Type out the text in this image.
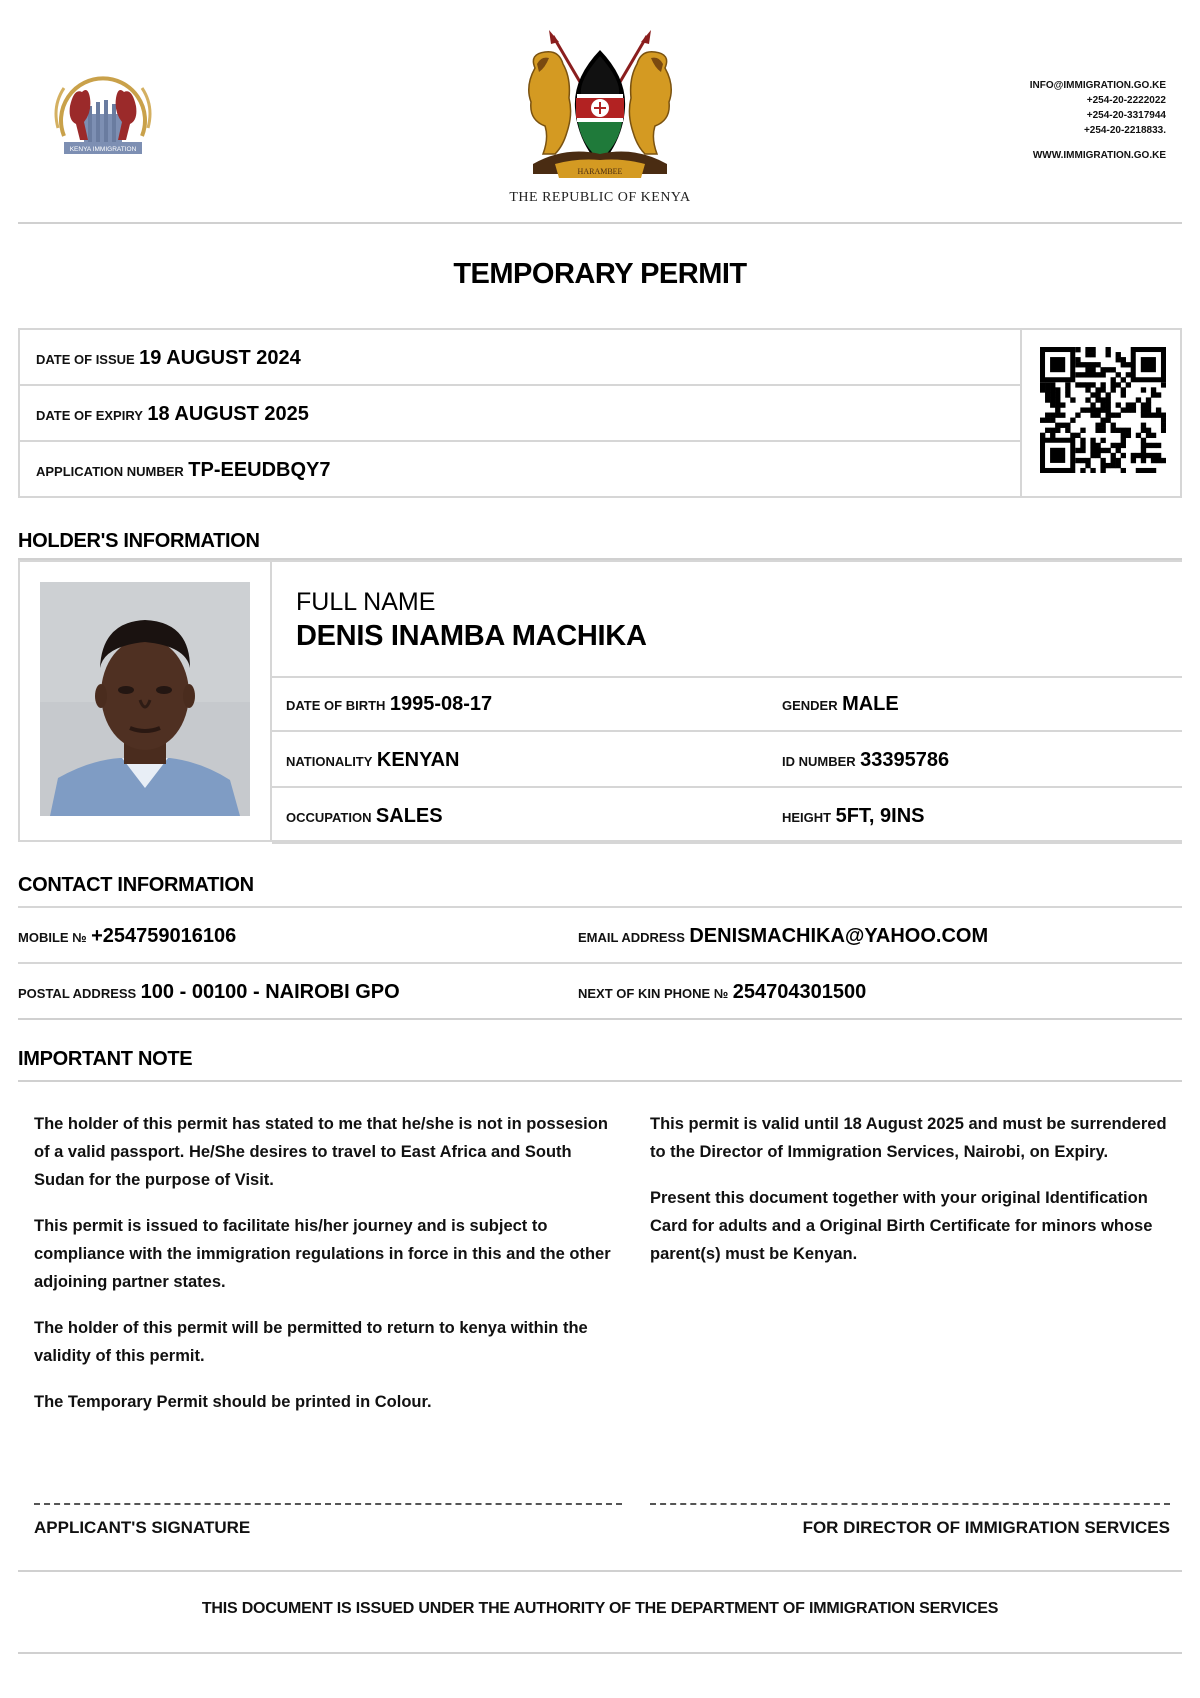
KENYA IMMIGRATION
HARAMBEE
THE REPUBLIC OF KENYA
INFO@IMMIGRATION.GO.KE
+254-20-2222022
+254-20-3317944
+254-20-2218833.
WWW.IMMIGRATION.GO.KE
TEMPORARY PERMIT
DATE OF ISSUE 19 AUGUST 2024
DATE OF EXPIRY 18 AUGUST 2025
APPLICATION NUMBER TP-EEUDBQY7
HOLDER'S INFORMATION
FULL NAME
DENIS INAMBA MACHIKA
DATE OF BIRTH 1995-08-17	GENDER MALE
NATIONALITY KENYAN	ID NUMBER 33395786
OCCUPATION SALES	HEIGHT 5FT, 9INS
CONTACT INFORMATION
MOBILE № +254759016106	EMAIL ADDRESS DENISMACHIKA@YAHOO.COM
POSTAL ADDRESS 100 - 00100 - NAIROBI GPO	NEXT OF KIN PHONE № 254704301500
IMPORTANT NOTE

The holder of this permit has stated to me that he/she is not in possesion of a valid passport. He/She desires to travel to East Africa and South Sudan for the purpose of Visit.

This permit is issued to facilitate his/her journey and is subject to compliance with the immigration regulations in force in this and the other adjoining partner states.

The holder of this permit will be permitted to return to kenya within the validity of this permit.

The Temporary Permit should be printed in Colour.

This permit is valid until 18 August 2025 and must be surrendered to the Director of Immigration Services, Nairobi, on Expiry.

Present this document together with your original Identification Card for adults and a Original Birth Certificate for minors whose parent(s) must be Kenyan.

APPLICANT'S SIGNATURE	FOR DIRECTOR OF IMMIGRATION SERVICES
THIS DOCUMENT IS ISSUED UNDER THE AUTHORITY OF THE DEPARTMENT OF IMMIGRATION SERVICES
